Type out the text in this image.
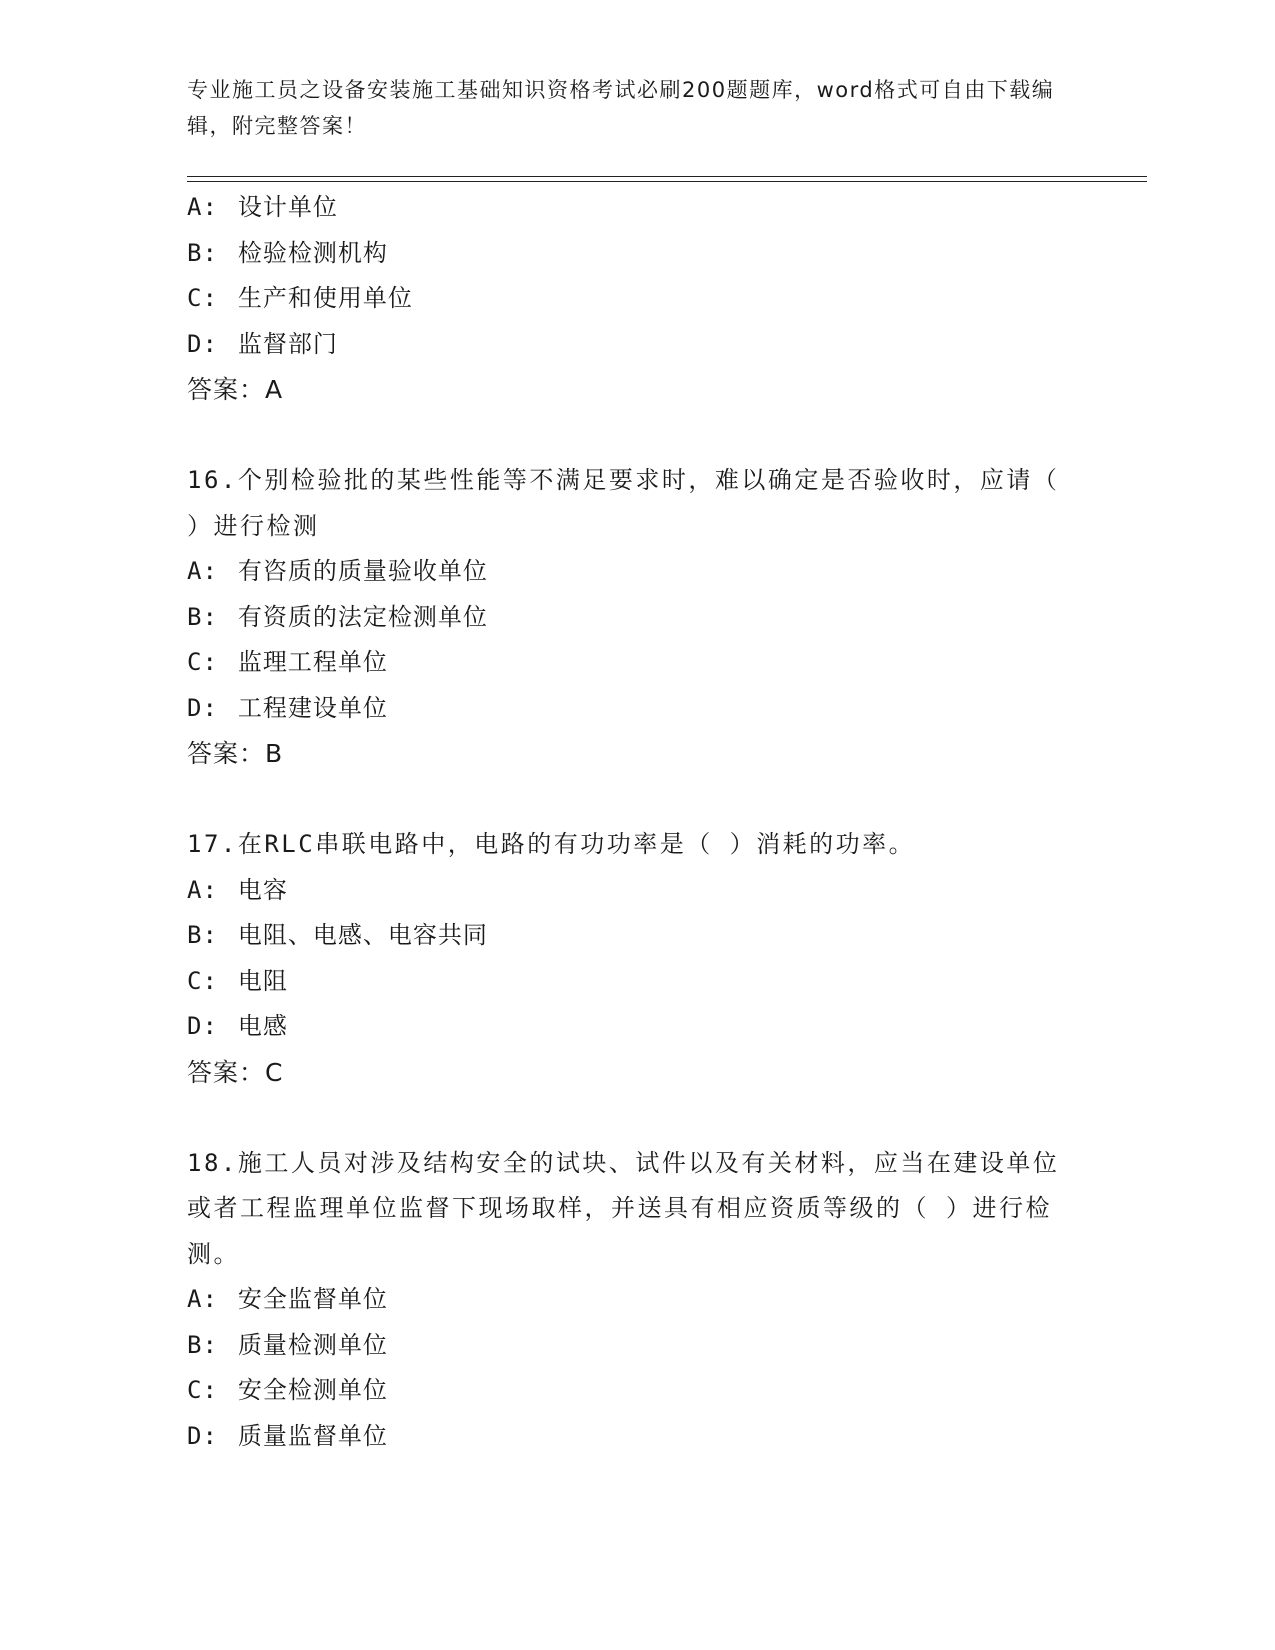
专业施工员之设备安装施工基础知识资格考试必刷200题题库，word格式可自由下载编辑，附完整答案！
A: 设计单位
B: 检验检测机构
C: 生产和使用单位
D: 监督部门
答案：A
16.个别检验批的某些性能等不满足要求时，难以确定是否验收时，应请（ ）进行检测
A: 有咨质的质量验收单位
B: 有资质的法定检测单位
C: 监理工程单位
D: 工程建设单位
答案：B
17.在RLC串联电路中，电路的有功功率是（ ）消耗的功率。
A: 电容
B: 电阻、电感、电容共同
C: 电阻
D: 电感
答案：C
18.施工人员对涉及结构安全的试块、试件以及有关材料，应当在建设单位或者工程监理单位监督下现场取样，并送具有相应资质等级的（ ）进行检测。
A: 安全监督单位
B: 质量检测单位
C: 安全检测单位
D: 质量监督单位
